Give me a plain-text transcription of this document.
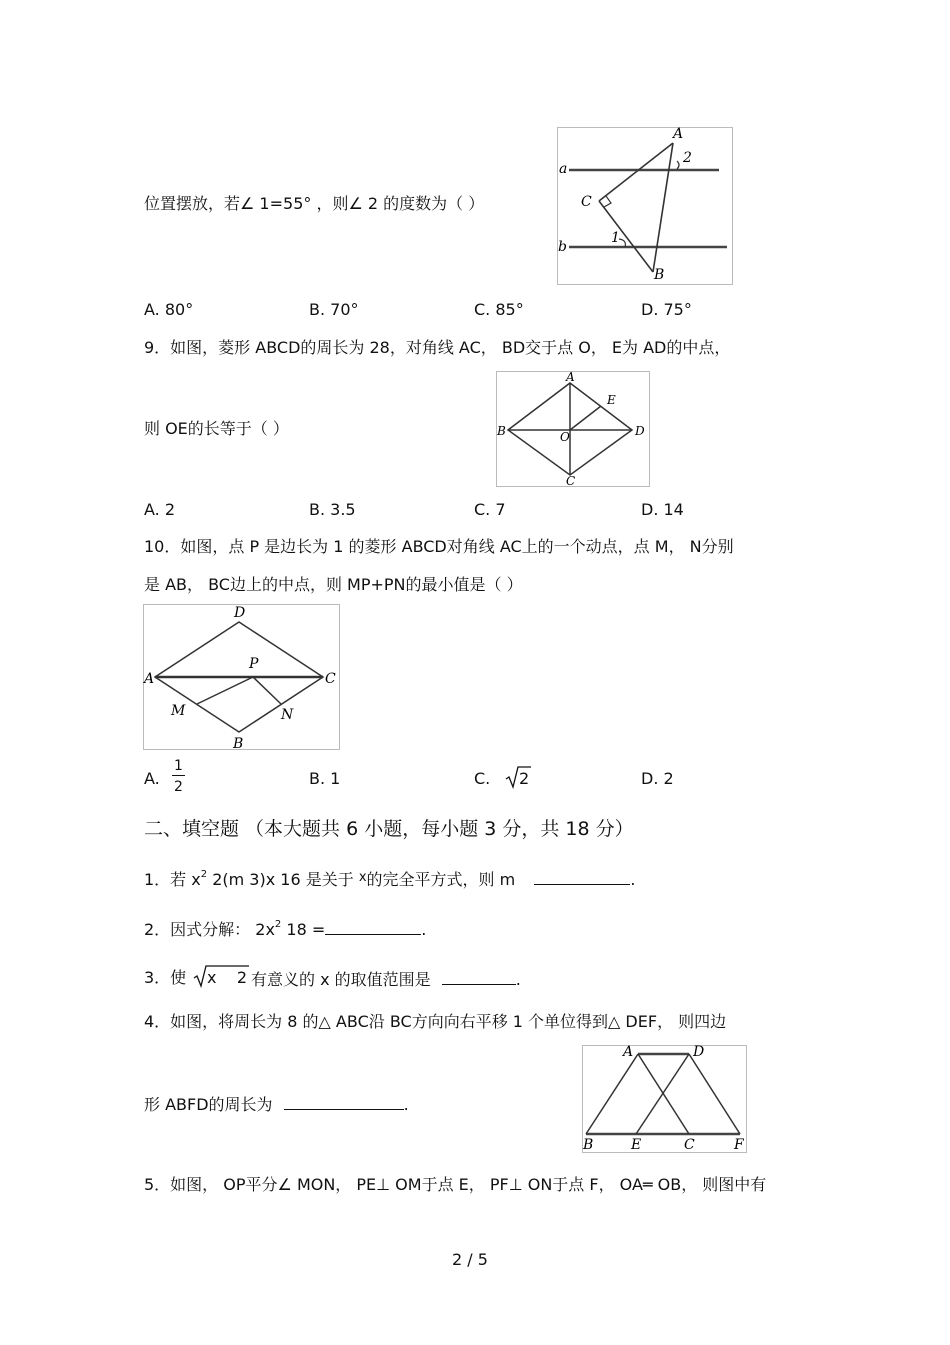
位置摆放，若∠ 1=55° ，则∠ 2 的度数为（ ）
A
a
2
C
b
1
B
A. 80°	B. 70°	C. 85°	D. 75°
9．如图，菱形 ABCD的周长为 28，对角线 AC， BD交于点 O， E为 AD的中点，
A
E
B	O	D
C
则 OE的长等于（ ）
A. 2	B. 3.5	C. 7	D. 14
10．如图，点 P 是边长为 1 的菱形 ABCD对角线 AC上的一个动点，点 M， N分别
是 AB， BC边上的中点，则 MP+PN的最小值是（ ）
D
A
P
C
M	N
B
A. $\frac{1}{2}$	B. 1	C. 2	D. 2
二、填空题 （本大题共 6 小题，每小题 3 分，共 18 分）
1．若 $x^2$ 2(m 3)x 16 是关于 $^x$的完全平方式，则 m	.
2．因式分解： $2x^2$ 18 =	.
3．使 x    2 有意义的 x 的取值范围是	.
4．如图，将周长为 8 的△ ABC沿 BC方向向右平移 1 个单位得到△ DEF， 则四边
A	D
B	E	C	F
形 ABFD的周长为	.
5．如图， OP平分∠ MON， PE⊥ OM于点 E， PF⊥ ON于点 F， OA═ OB， 则图中有
2 / 5
